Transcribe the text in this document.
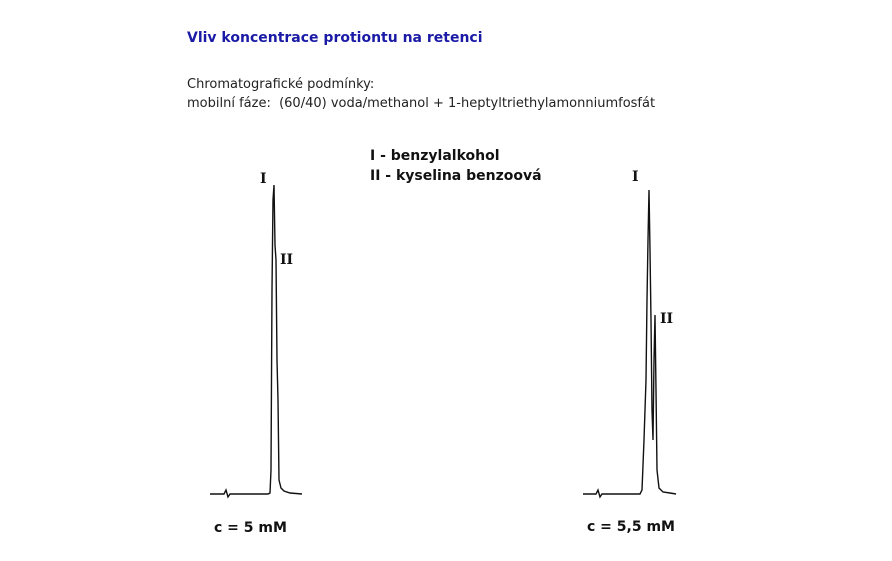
Vliv koncentrace protiontu na retenci
Chromatografické podmínky:
mobilní fáze:  (60/40) voda/methanol + 1-heptyltriethylamonniumfosfát
I - benzylalkohol
II - kyselina benzoová
I
II
c = 5 mM
I
II
c = 5,5 mM
